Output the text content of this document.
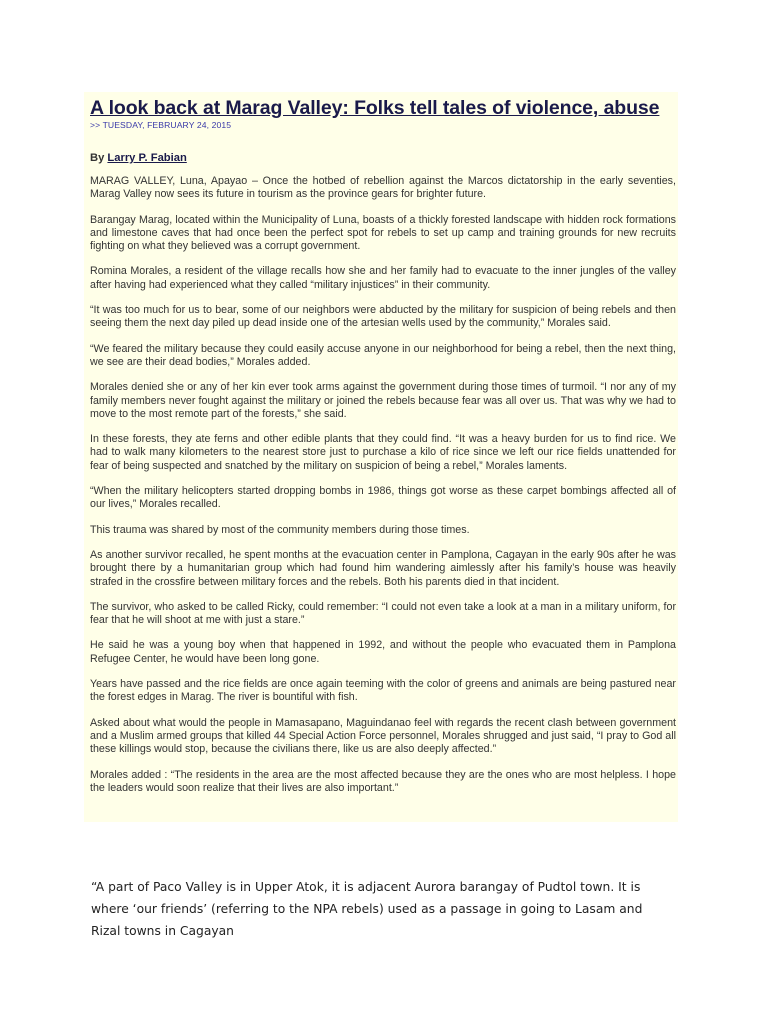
A look back at Marag Valley: Folks tell tales of violence, abuse

>> TUESDAY, FEBRUARY 24, 2015

By Larry P. Fabian

MARAG VALLEY, Luna, Apayao – Once the hotbed of rebellion against the Marcos dictatorship in the early seventies, Marag Valley now sees its future in tourism as the province gears for brighter future.

Barangay Marag, located within the Municipality of Luna, boasts of a thickly forested landscape with hidden rock formations and limestone caves that had once been the perfect spot for rebels to set up camp and training grounds for new recruits fighting on what they believed was a corrupt government.

Romina Morales, a resident of the village recalls how she and her family had to evacuate to the inner jungles of the valley after having had experienced what they called “military injustices” in their community.

“It was too much for us to bear, some of our neighbors were abducted by the military for suspicion of being rebels and then seeing them the next day piled up dead inside one of the artesian wells used by the community,” Morales said.

“We feared the military because they could easily accuse anyone in our neighborhood for being a rebel, then the next thing, we see are their dead bodies,” Morales added.

Morales denied she or any of her kin ever took arms against the government during those times of turmoil. “I nor any of my family members never fought against the military or joined the rebels because fear was all over us. That was why we had to move to the most remote part of the forests,” she said.

In these forests, they ate ferns and other edible plants that they could find. “It was a heavy burden for us to find rice. We had to walk many kilometers to the nearest store just to purchase a kilo of rice since we left our rice fields unattended for fear of being suspected and snatched by the military on suspicion of being a rebel,” Morales laments.

“When the military helicopters started dropping bombs in 1986, things got worse as these carpet bombings affected all of our lives,” Morales recalled.

This trauma was shared by most of the community members during those times.

As another survivor recalled, he spent months at the evacuation center in Pamplona, Cagayan in the early 90s after he was brought there by a humanitarian group which had found him wandering aimlessly after his family’s house was heavily strafed in the crossfire between military forces and the rebels. Both his parents died in that incident.

The survivor, who asked to be called Ricky, could remember: “I could not even take a look at a man in a military uniform, for fear that he will shoot at me with just a stare.”

He said he was a young boy when that happened in 1992, and without the people who evacuated them in Pamplona Refugee Center, he would have been long gone.

Years have passed and the rice fields are once again teeming with the color of greens and animals are being pastured near the forest edges in Marag. The river is bountiful with fish.

Asked about what would the people in Mamasapano, Maguindanao feel with regards the recent clash between government and a Muslim armed groups that killed 44 Special Action Force personnel, Morales shrugged and just said, “I pray to God all these killings would stop, because the civilians there, like us are also deeply affected.”

Morales added : “The residents in the area are the most affected because they are the ones who are most helpless. I hope the leaders would soon realize that their lives are also important.”

“A part of Paco Valley is in Upper Atok, it is adjacent Aurora barangay of Pudtol town. It is where ‘our friends’ (referring to the NPA rebels) used as a passage in going to Lasam and Rizal towns in Cagayan
